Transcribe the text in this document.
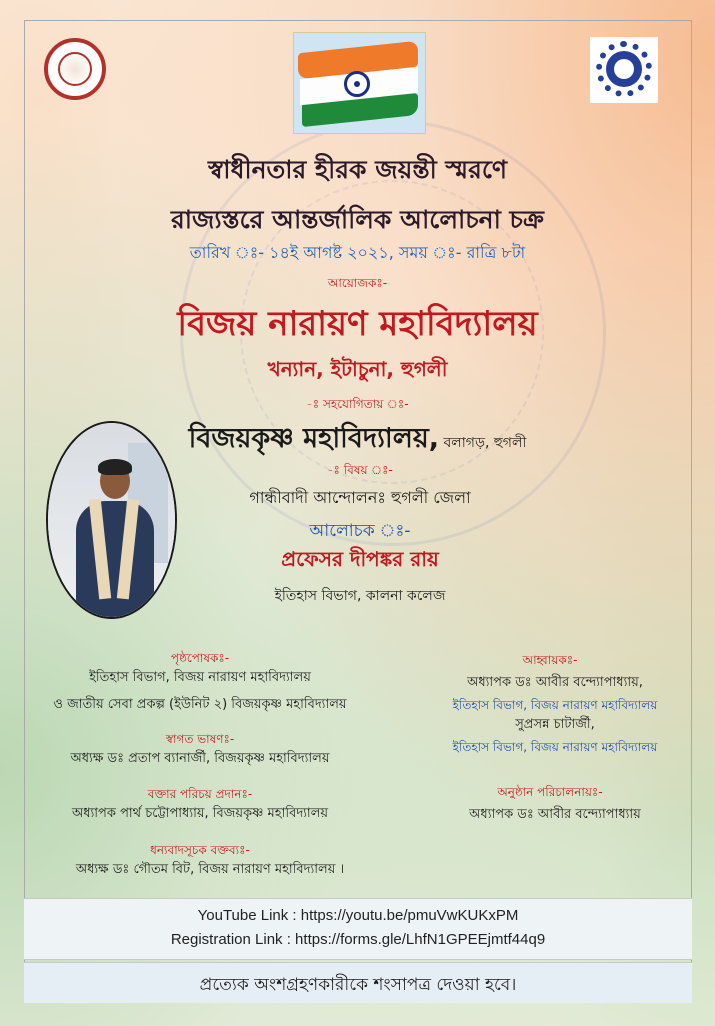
স্বাধীনতার হীরক জয়ন্তী স্মরণে
রাজ্যস্তরে আন্তর্জালিক আলোচনা চক্র
তারিখ ঃ- ১৪ই আগষ্ট ২০২১, সময় ঃ- রাত্রি ৮টা
আয়োজকঃ-
বিজয় নারায়ণ মহাবিদ্যালয়
খন্যান, ইটাচুনা, হুগলী
-ঃ সহযোগিতায় ঃ-
বিজয়কৃষ্ণ মহাবিদ্যালয়, বলাগড়, হুগলী
-ঃ বিষয় ঃ-
গান্ধীবাদী আন্দোলনঃ হুগলী জেলা
আলোচক ঃ-
প্রফেসর দীপঙ্কর রায়
ইতিহাস বিভাগ, কালনা কলেজ
পৃষ্ঠপোষকঃ-
ইতিহাস বিভাগ, বিজয় নারায়ণ মহাবিদ্যালয়
ও জাতীয় সেবা প্রকল্প (ইউনিট ২) বিজয়কৃষ্ণ মহাবিদ্যালয়
স্বাগত ভাষণঃ-
অধ্যক্ষ ডঃ প্রতাপ ব্যানার্জী, বিজয়কৃষ্ণ মহাবিদ্যালয়
বক্তার পরিচয় প্রদানঃ-
অধ্যাপক পার্থ চট্টোপাধ্যায়, বিজয়কৃষ্ণ মহাবিদ্যালয়
ধন্যবাদসূচক বক্তব্যঃ-
অধ্যক্ষ ডঃ গৌতম বিট, বিজয় নারায়ণ মহাবিদ্যালয় ।
আহ্বায়কঃ-
অধ্যাপক ডঃ আবীর বন্দ্যোপাধ্যায়,
ইতিহাস বিভাগ, বিজয় নারায়ণ মহাবিদ্যালয়
সুপ্রসন্ন চাটার্জী,
ইতিহাস বিভাগ, বিজয় নারায়ণ মহাবিদ্যালয়
অনুষ্ঠান পরিচালনায়ঃ-
অধ্যাপক ডঃ আবীর বন্দ্যোপাধ্যায়
YouTube Link : https://youtu.be/pmuVwKUKxPM
Registration Link : https://forms.gle/LhfN1GPEEjmtf44q9
প্রত্যেক অংশগ্রহণকারীকে শংসাপত্র দেওয়া হবে।
